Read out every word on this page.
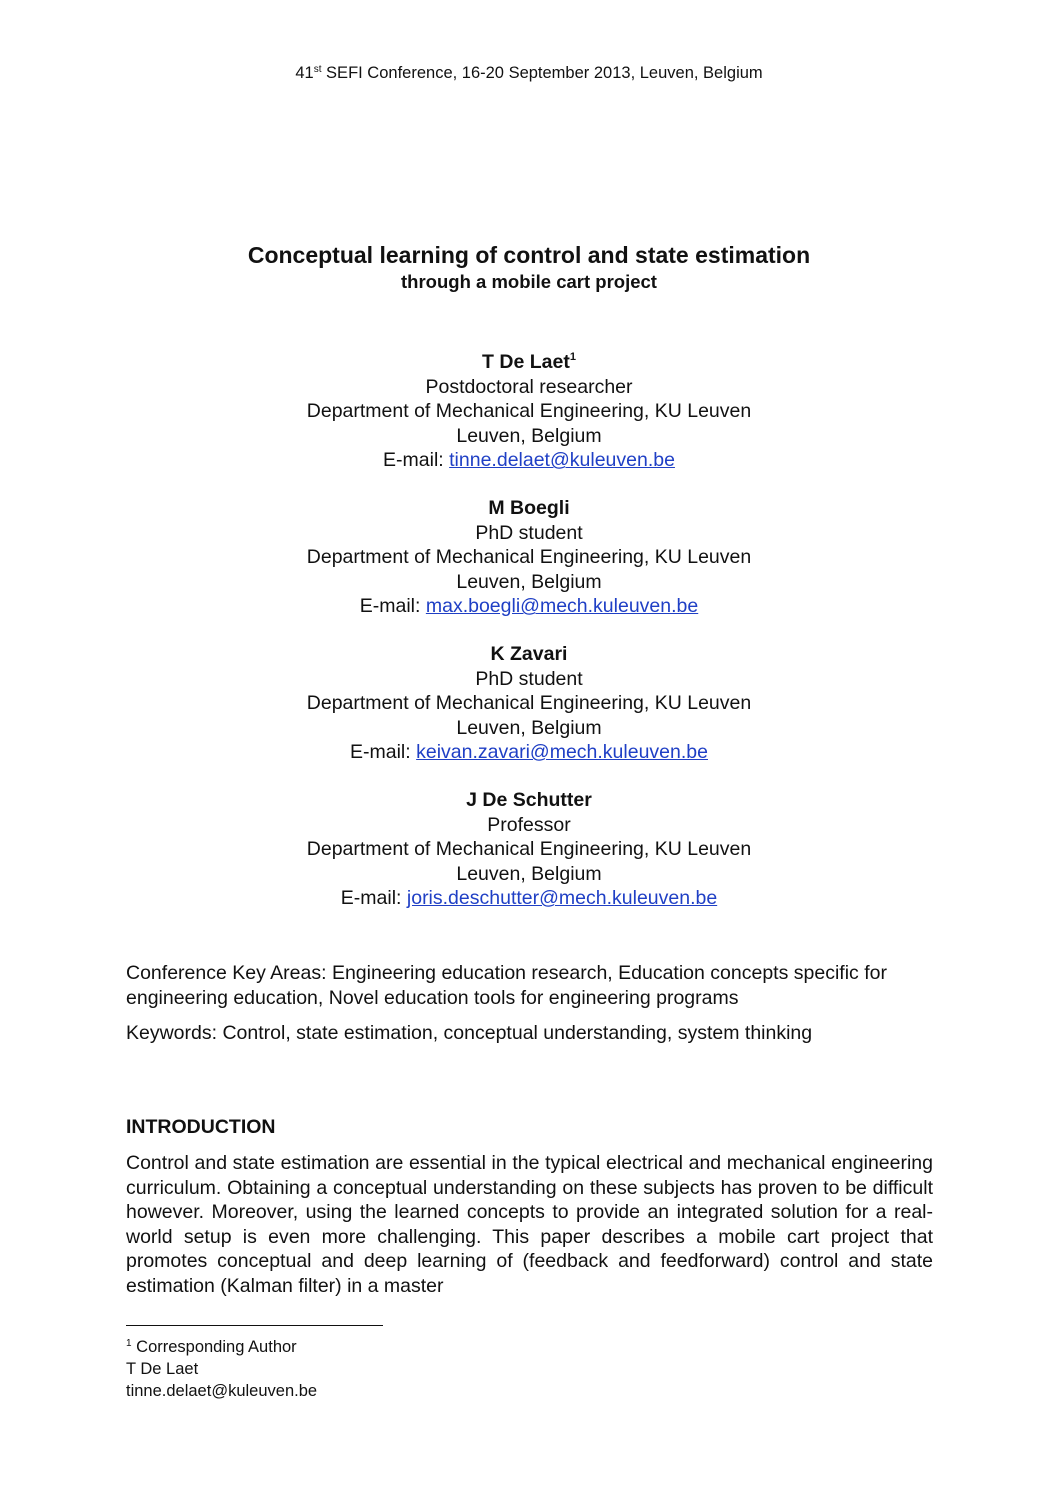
41st SEFI Conference, 16-20 September 2013, Leuven, Belgium

Conceptual learning of control and state estimation

through a mobile cart project

T De Laet$^1$
Postdoctoral researcher
Department of Mechanical Engineering, KU Leuven
Leuven, Belgium
E-mail: tinne.delaet@kuleuven.be
M Boegli
PhD student
Department of Mechanical Engineering, KU Leuven
Leuven, Belgium
E-mail: max.boegli@mech.kuleuven.be
K Zavari
PhD student
Department of Mechanical Engineering, KU Leuven
Leuven, Belgium
E-mail: keivan.zavari@mech.kuleuven.be
J De Schutter
Professor
Department of Mechanical Engineering, KU Leuven
Leuven, Belgium
E-mail: joris.deschutter@mech.kuleuven.be
Conference Key Areas: Engineering education research, Education concepts specific for engineering education, Novel education tools for engineering programs
Keywords: Control, state estimation, conceptual understanding, system thinking
INTRODUCTION
Control and state estimation are essential in the typical electrical and mechanical engineering curriculum. Obtaining a conceptual understanding on these subjects has proven to be difficult however. Moreover, using the learned concepts to provide an integrated solution for a real-world setup is even more challenging. This paper describes a mobile cart project that promotes conceptual and deep learning of (feedback and feedforward) control and state estimation (Kalman filter) in a master
$^1$ Corresponding Author
T De Laet
tinne.delaet@kuleuven.be
